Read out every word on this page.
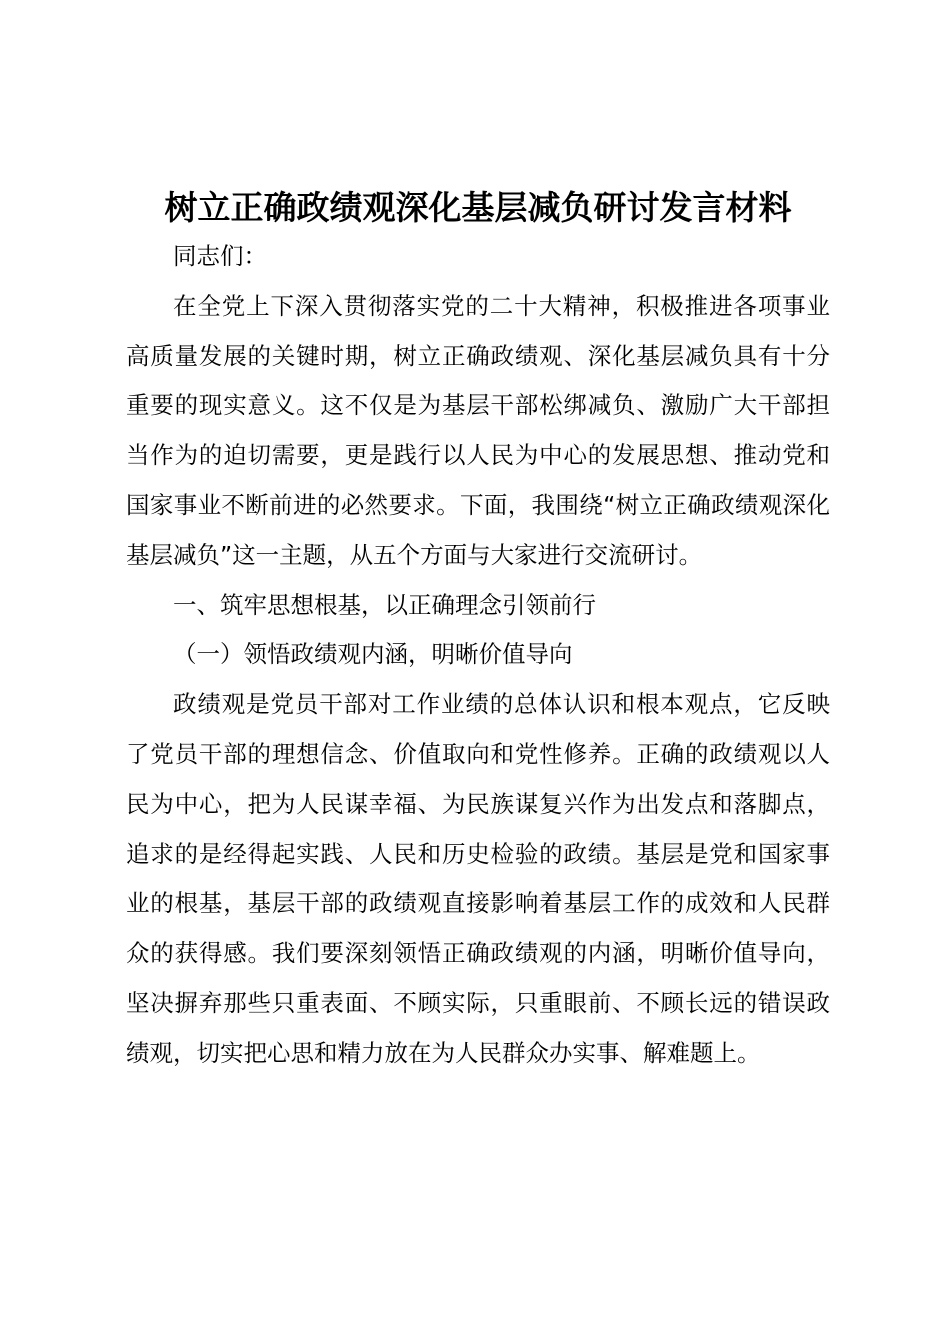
树立正确政绩观深化基层减负研讨发言材料

同志们：

在全党上下深入贯彻落实党的二十大精神，积极推进各项事业高质量发展的关键时期，树立正确政绩观、深化基层减负具有十分重要的现实意义。这不仅是为基层干部松绑减负、激励广大干部担当作为的迫切需要，更是践行以人民为中心的发展思想、推动党和国家事业不断前进的必然要求。下面，我围绕“树立正确政绩观深化基层减负”这一主题，从五个方面与大家进行交流研讨。

一、筑牢思想根基，以正确理念引领前行

（一）领悟政绩观内涵，明晰价值导向

政绩观是党员干部对工作业绩的总体认识和根本观点，它反映了党员干部的理想信念、价值取向和党性修养。正确的政绩观以人民为中心，把为人民谋幸福、为民族谋复兴作为出发点和落脚点，追求的是经得起实践、人民和历史检验的政绩。基层是党和国家事业的根基，基层干部的政绩观直接影响着基层工作的成效和人民群众的获得感。我们要深刻领悟正确政绩观的内涵，明晰价值导向，坚决摒弃那些只重表面、不顾实际，只重眼前、不顾长远的错误政绩观，切实把心思和精力放在为人民群众办实事、解难题上。
